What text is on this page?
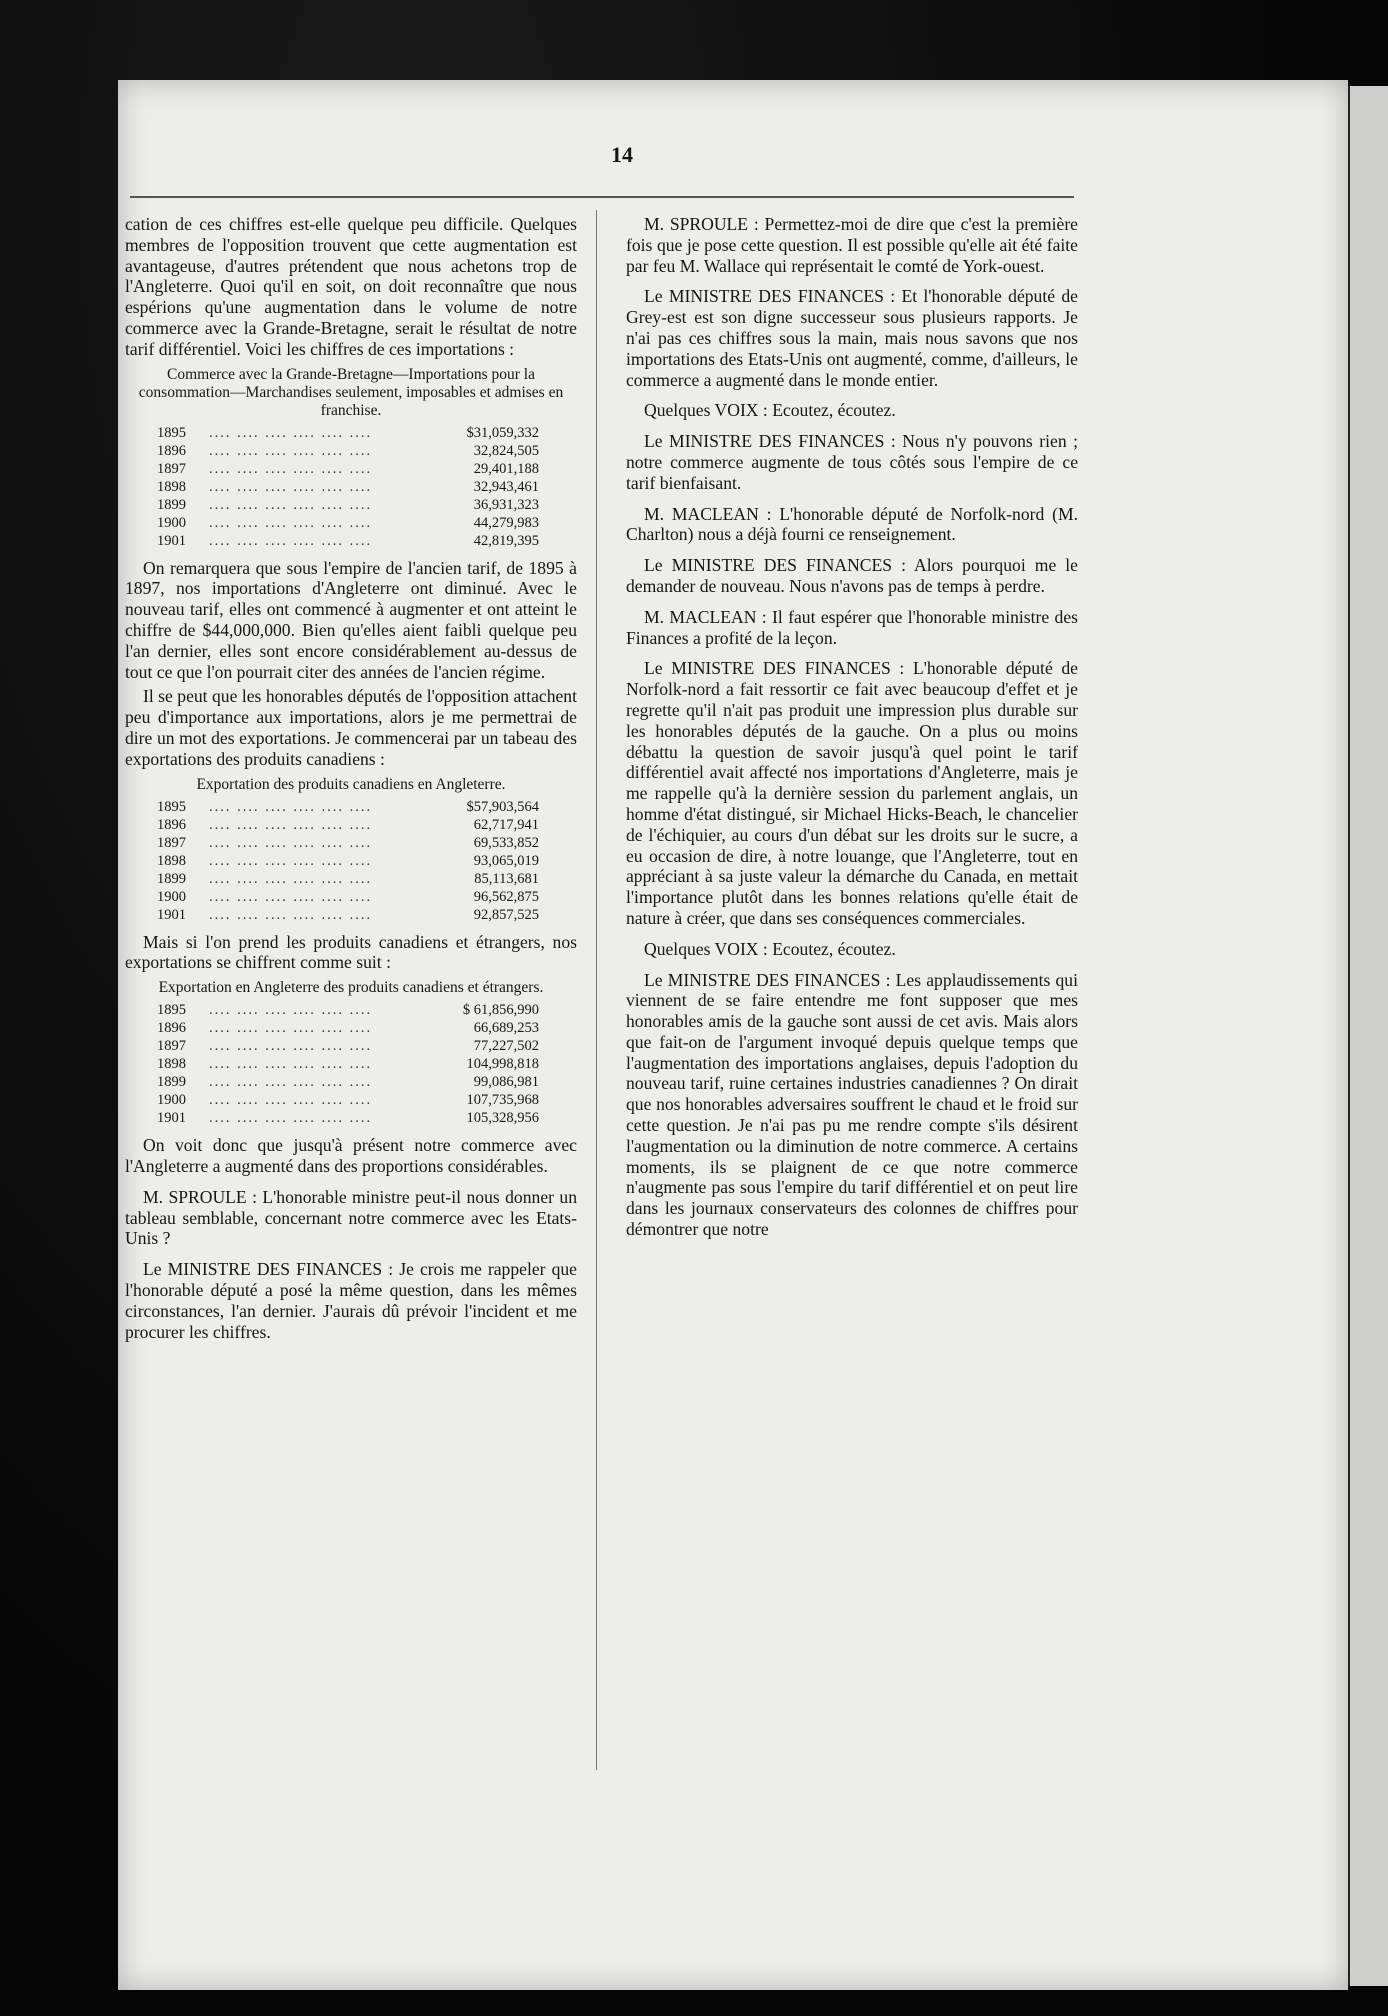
14

cation de ces chiffres est-elle quelque peu difficile. Quelques membres de l'opposition trouvent que cette augmentation est avantageuse, d'autres prétendent que nous achetons trop de l'Angleterre. Quoi qu'il en soit, on doit reconnaître que nous espérions qu'une augmentation dans le volume de notre commerce avec la Grande-Bretagne, serait le résultat de notre tarif différentiel. Voici les chiffres de ces importations :

Commerce avec la Grande-Bretagne—Importations pour la consommation—Marchandises seulement, imposables et admises en franchise.

1895	.... .... .... .... .... ....	$31,059,332
1896	.... .... .... .... .... ....	32,824,505
1897	.... .... .... .... .... ....	29,401,188
1898	.... .... .... .... .... ....	32,943,461
1899	.... .... .... .... .... ....	36,931,323
1900	.... .... .... .... .... ....	44,279,983
1901	.... .... .... .... .... ....	42,819,395

On remarquera que sous l'empire de l'ancien tarif, de 1895 à 1897, nos importations d'Angleterre ont diminué. Avec le nouveau tarif, elles ont commencé à augmenter et ont atteint le chiffre de $44,000,000. Bien qu'elles aient faibli quelque peu l'an dernier, elles sont encore considérablement au-dessus de tout ce que l'on pourrait citer des années de l'ancien régime.

Il se peut que les honorables députés de l'opposition attachent peu d'importance aux importations, alors je me permettrai de dire un mot des exportations. Je commencerai par un tabeau des exportations des produits canadiens :

Exportation des produits canadiens en Angleterre.

1895	.... .... .... .... .... ....	$57,903,564
1896	.... .... .... .... .... ....	62,717,941
1897	.... .... .... .... .... ....	69,533,852
1898	.... .... .... .... .... ....	93,065,019
1899	.... .... .... .... .... ....	85,113,681
1900	.... .... .... .... .... ....	96,562,875
1901	.... .... .... .... .... ....	92,857,525

Mais si l'on prend les produits canadiens et étrangers, nos exportations se chiffrent comme suit :

Exportation en Angleterre des produits canadiens et étrangers.

1895	.... .... .... .... .... ....	$ 61,856,990
1896	.... .... .... .... .... ....	66,689,253
1897	.... .... .... .... .... ....	77,227,502
1898	.... .... .... .... .... ....	104,998,818
1899	.... .... .... .... .... ....	99,086,981
1900	.... .... .... .... .... ....	107,735,968
1901	.... .... .... .... .... ....	105,328,956

On voit donc que jusqu'à présent notre commerce avec l'Angleterre a augmenté dans des proportions considérables.

M. SPROULE : L'honorable ministre peut-il nous donner un tableau semblable, concernant notre commerce avec les Etats-Unis ?

Le MINISTRE DES FINANCES : Je crois me rappeler que l'honorable député a posé la même question, dans les mêmes circonstances, l'an dernier. J'aurais dû prévoir l'incident et me procurer les chiffres.

M. SPROULE : Permettez-moi de dire que c'est la première fois que je pose cette question. Il est possible qu'elle ait été faite par feu M. Wallace qui représentait le comté de York-ouest.

Le MINISTRE DES FINANCES : Et l'honorable député de Grey-est est son digne successeur sous plusieurs rapports. Je n'ai pas ces chiffres sous la main, mais nous savons que nos importations des Etats-Unis ont augmenté, comme, d'ailleurs, le commerce a augmenté dans le monde entier.

Quelques VOIX : Ecoutez, écoutez.

Le MINISTRE DES FINANCES : Nous n'y pouvons rien ; notre commerce augmente de tous côtés sous l'empire de ce tarif bienfaisant.

M. MACLEAN : L'honorable député de Norfolk-nord (M. Charlton) nous a déjà fourni ce renseignement.

Le MINISTRE DES FINANCES : Alors pourquoi me le demander de nouveau. Nous n'avons pas de temps à perdre.

M. MACLEAN : Il faut espérer que l'honorable ministre des Finances a profité de la leçon.

Le MINISTRE DES FINANCES : L'honorable député de Norfolk-nord a fait ressortir ce fait avec beaucoup d'effet et je regrette qu'il n'ait pas produit une impression plus durable sur les honorables députés de la gauche. On a plus ou moins débattu la question de savoir jusqu'à quel point le tarif différentiel avait affecté nos importations d'Angleterre, mais je me rappelle qu'à la dernière session du parlement anglais, un homme d'état distingué, sir Michael Hicks-Beach, le chancelier de l'échiquier, au cours d'un débat sur les droits sur le sucre, a eu occasion de dire, à notre louange, que l'Angleterre, tout en appréciant à sa juste valeur la démarche du Canada, en mettait l'importance plutôt dans les bonnes relations qu'elle était de nature à créer, que dans ses conséquences commerciales.

Quelques VOIX : Ecoutez, écoutez.

Le MINISTRE DES FINANCES : Les applaudissements qui viennent de se faire entendre me font supposer que mes honorables amis de la gauche sont aussi de cet avis. Mais alors que fait-on de l'argument invoqué depuis quelque temps que l'augmentation des importations anglaises, depuis l'adoption du nouveau tarif, ruine certaines industries canadiennes ? On dirait que nos honorables adversaires souffrent le chaud et le froid sur cette question. Je n'ai pas pu me rendre compte s'ils désirent l'augmentation ou la diminution de notre commerce. A certains moments, ils se plaignent de ce que notre commerce n'augmente pas sous l'empire du tarif différentiel et on peut lire dans les journaux conservateurs des colonnes de chiffres pour démontrer que notre
